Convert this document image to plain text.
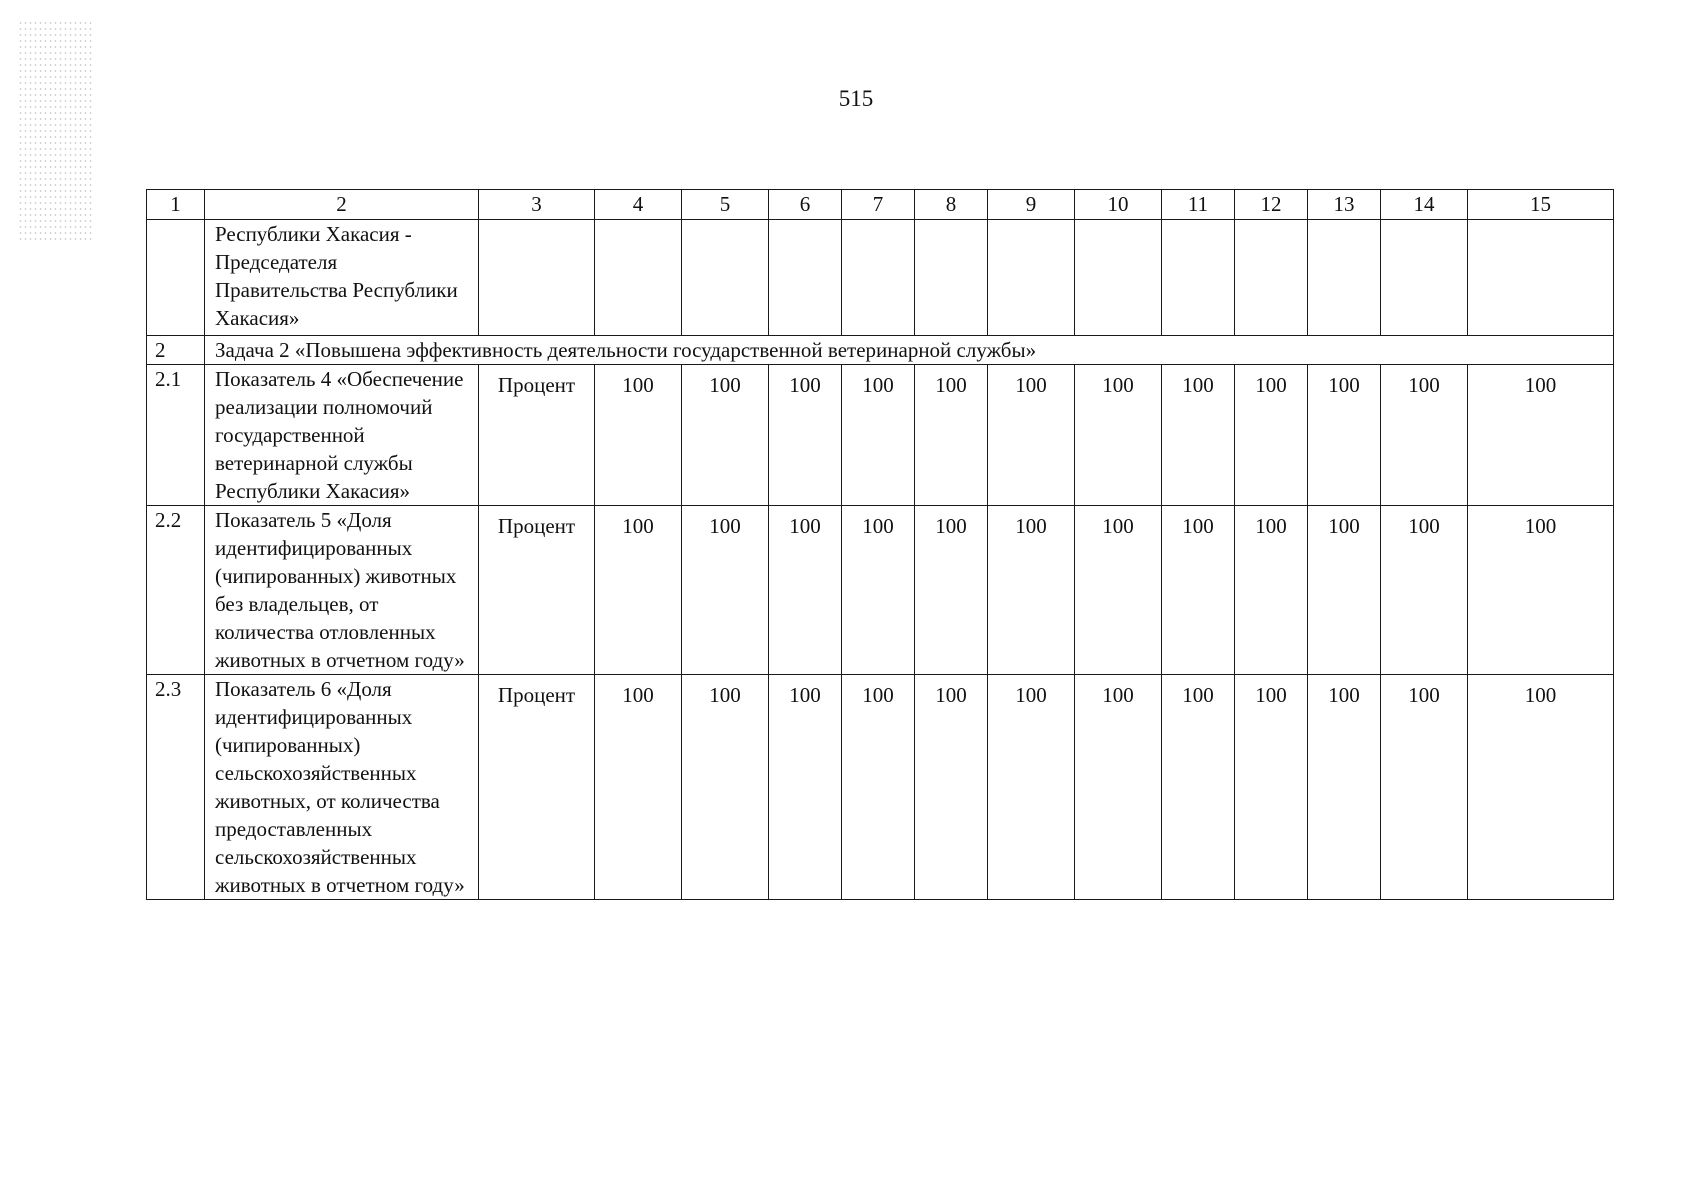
515
1	2	3	4	5	6	7	8	9	10	11	12	13	14	15
	Республики Хакасия - Председателя Правительства Республики Хакасия»													
2	Задача 2 «Повышена эффективность деятельности государственной ветеринарной службы»													
2.1	Показатель 4 «Обеспечение реализации полномочий государственной ветеринарной службы Республики Хакасия»	Процент	100	100	100	100	100	100	100	100	100	100	100	100
2.2	Показатель 5 «Доля идентифицированных (чипированных) животных без владельцев, от количества отловленных животных в отчетном году»	Процент	100	100	100	100	100	100	100	100	100	100	100	100
2.3	Показатель 6 «Доля идентифицированных (чипированных) сельскохозяйственных животных, от количества предоставленных сельскохозяйственных животных в отчетном году»	Процент	100	100	100	100	100	100	100	100	100	100	100	100
